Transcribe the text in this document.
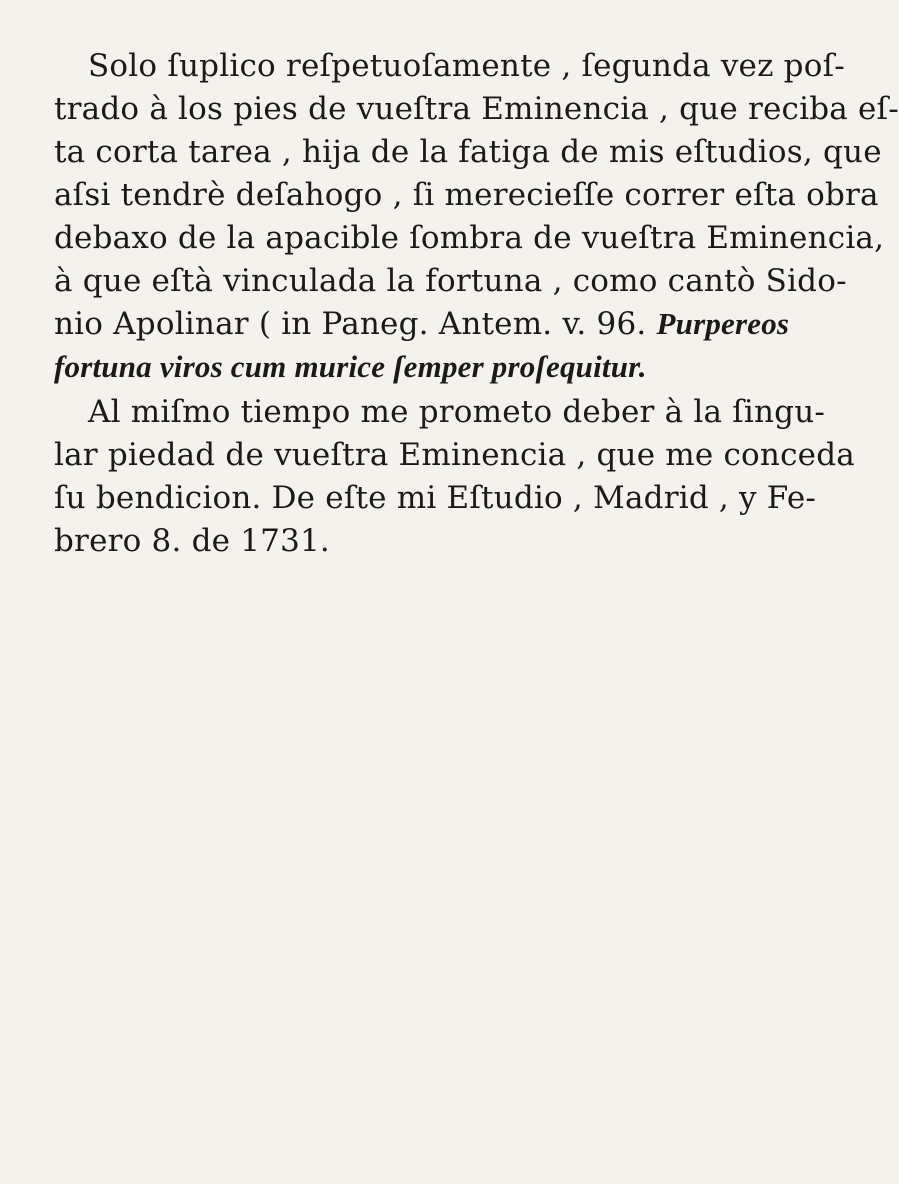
Solo ſuplico reſpetuoſamente , ſegunda vez poſ-
trado à los pies de vueſtra Eminencia , que reciba eſ-
ta corta tarea , hija de la fatiga de mis eſtudios, que
aſsi tendrè deſahogo , ſi merecieſſe correr eſta obra
debaxo de la apacible ſombra de vueſtra Eminencia,
à que eſtà vinculada la fortuna , como cantò Sido-
nio Apolinar ( in Paneg. Antem. v. 96. Purpereos
fortuna viros cum murice ſemper proſequitur.
Al miſmo tiempo me prometo deber à la ſingu-
lar piedad de vueſtra Eminencia , que me conceda
ſu bendicion. De eſte mi Eſtudio , Madrid , y Fe-
brero 8. de 1731.
